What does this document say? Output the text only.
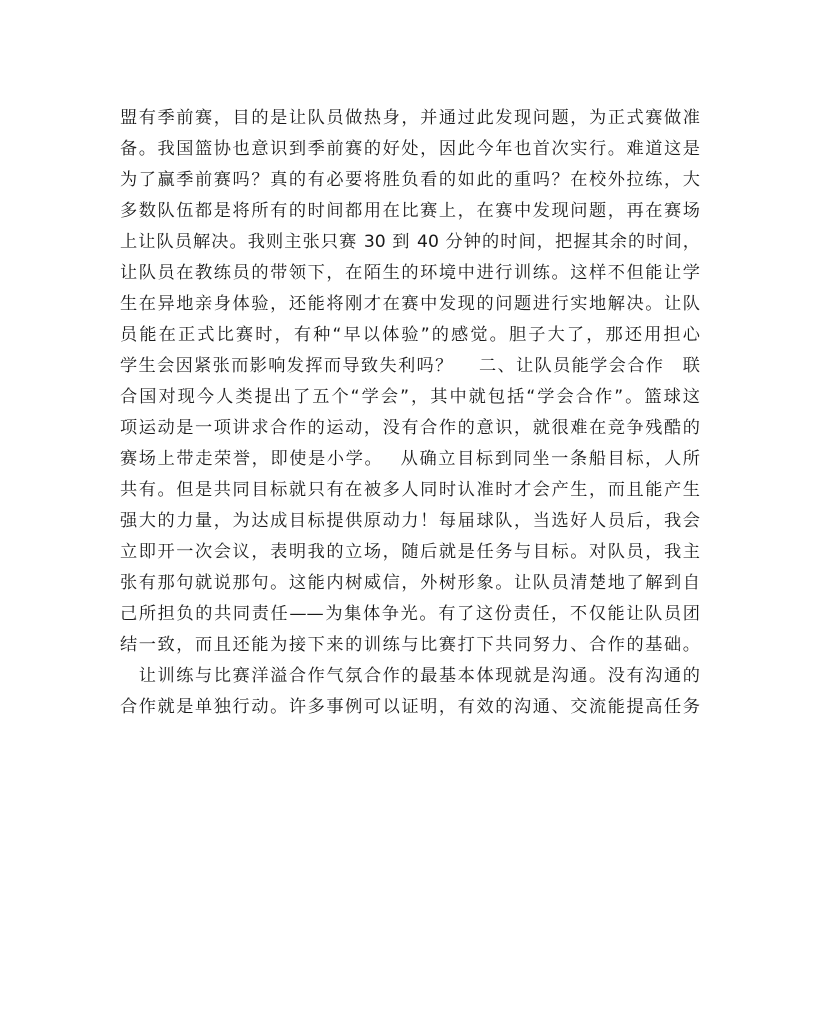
盟有季前赛，目的是让队员做热身，并通过此发现问题，为正式赛做准
备。我国篮协也意识到季前赛的好处，因此今年也首次实行。难道这是
为了赢季前赛吗？真的有必要将胜负看的如此的重吗？在校外拉练，大
多数队伍都是将所有的时间都用在比赛上，在赛中发现问题，再在赛场
上让队员解决。我则主张只赛 30 到 40 分钟的时间，把握其余的时间，
让队员在教练员的带领下，在陌生的环境中进行训练。这样不但能让学
生在异地亲身体验，还能将刚才在赛中发现的问题进行实地解决。让队
员能在正式比赛时，有种“早以体验”的感觉。胆子大了，那还用担心
学生会因紧张而影响发挥而导致失利吗？　 二、让队员能学会合作　联
合国对现今人类提出了五个“学会”，其中就包括“学会合作”。篮球这
项运动是一项讲求合作的运动，没有合作的意识，就很难在竞争残酷的
赛场上带走荣誉，即使是小学。　 从确立目标到同坐一条船目标，人所
共有。但是共同目标就只有在被多人同时认准时才会产生，而且能产生
强大的力量，为达成目标提供原动力！每届球队，当选好人员后，我会
立即开一次会议，表明我的立场，随后就是任务与目标。对队员，我主
张有那句就说那句。这能内树威信，外树形象。让队员清楚地了解到自
己所担负的共同责任——为集体争光。有了这份责任，不仅能让队员团
结一致，而且还能为接下来的训练与比赛打下共同努力、合作的基础。
　让训练与比赛洋溢合作气氛合作的最基本体现就是沟通。没有沟通的
合作就是单独行动。许多事例可以证明，有效的沟通、交流能提高任务
